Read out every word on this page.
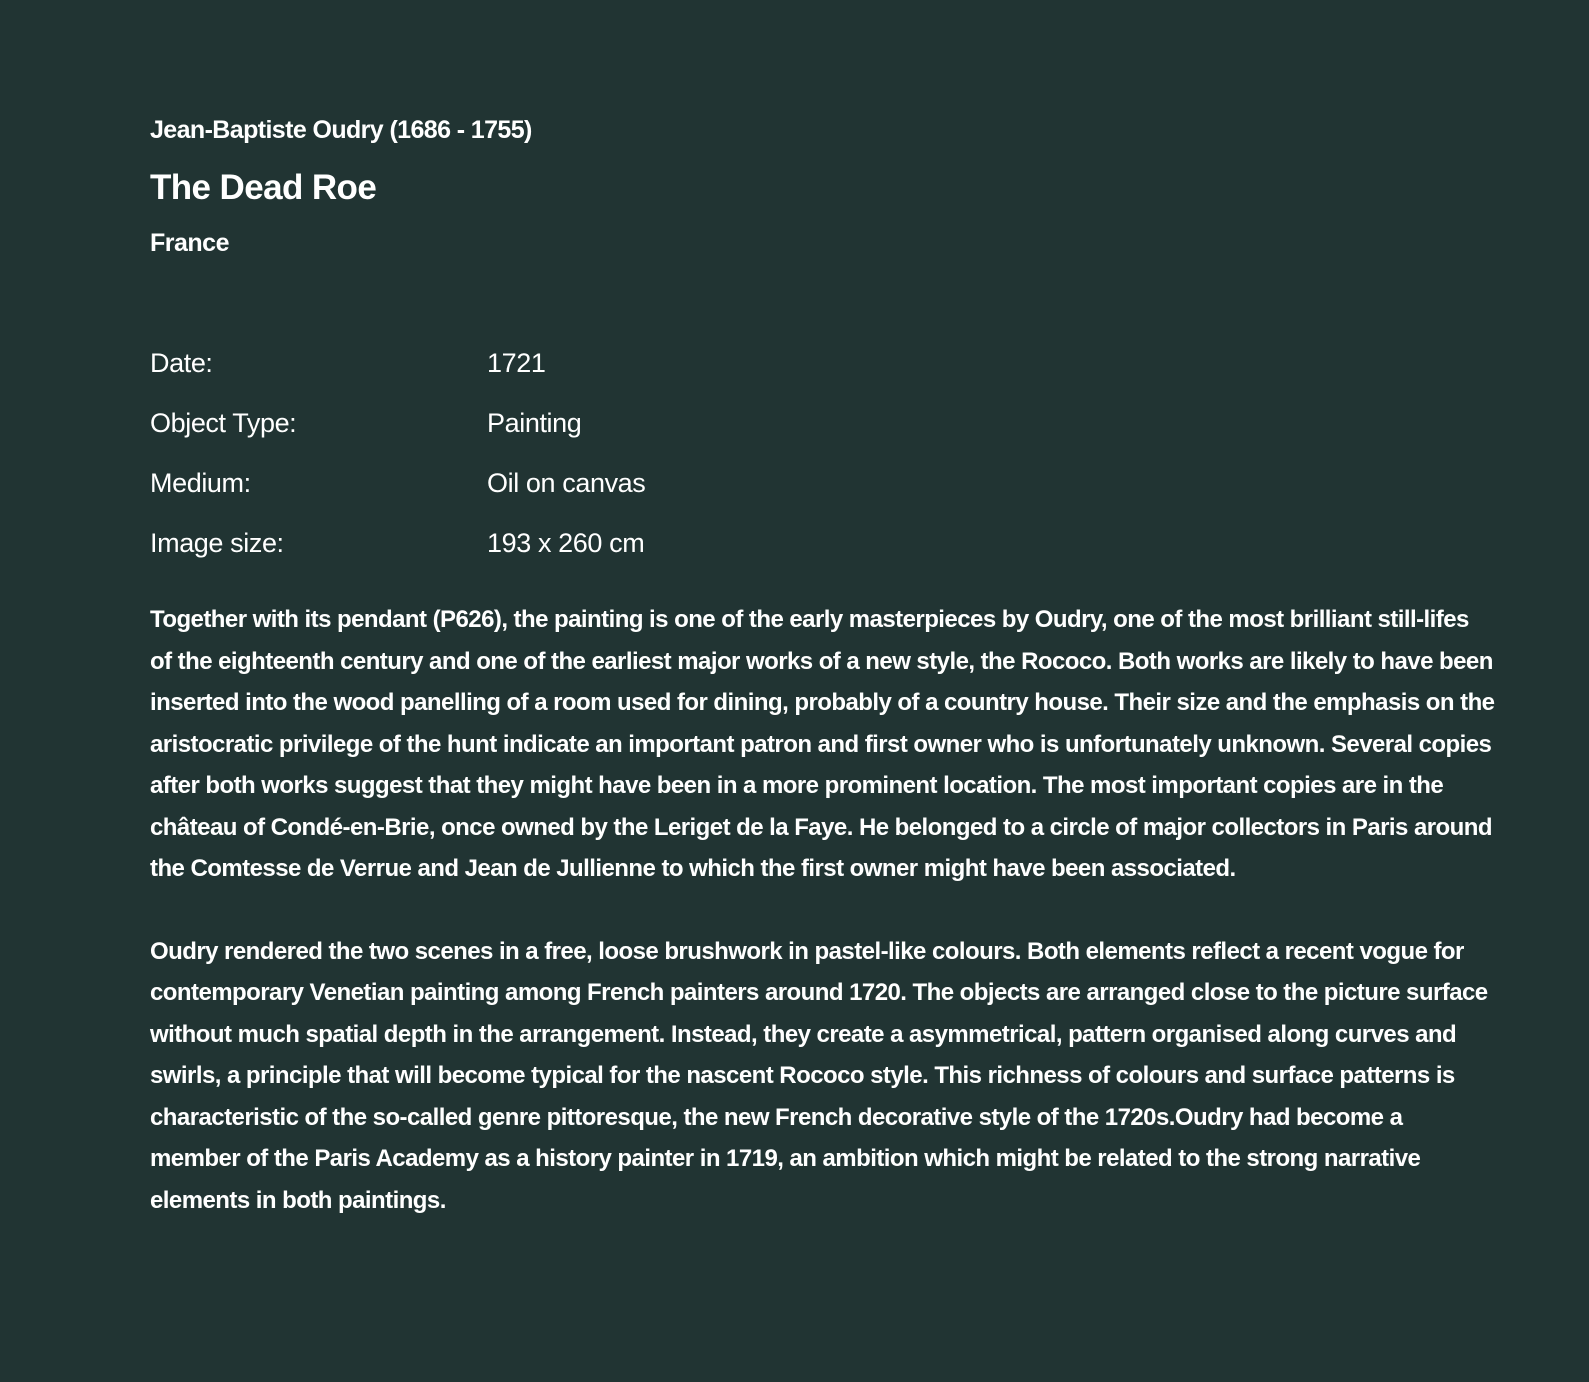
Jean-Baptiste Oudry (1686 - 1755)
The Dead Roe
France
Date:	1721
Object Type:	Painting
Medium:	Oil on canvas
Image size:	193 x 260 cm

Together with its pendant (P626), the painting is one of the early masterpieces by Oudry, one of the most brilliant still-lifes of the eighteenth century and one of the earliest major works of a new style, the Rococo. Both works are likely to have been inserted into the wood panelling of a room used for dining, probably of a country house. Their size and the emphasis on the aristocratic privilege of the hunt indicate an important patron and first owner who is unfortunately unknown. Several copies after both works suggest that they might have been in a more prominent location. The most important copies are in the château of Condé-en-Brie, once owned by the Leriget de la Faye. He belonged to a circle of major collectors in Paris around the Comtesse de Verrue and Jean de Jullienne to which the first owner might have been associated.

Oudry rendered the two scenes in a free, loose brushwork in pastel-like colours. Both elements reflect a recent vogue for contemporary Venetian painting among French painters around 1720. The objects are arranged close to the picture surface without much spatial depth in the arrangement. Instead, they create a asymmetrical, pattern organised along curves and swirls, a principle that will become typical for the nascent Rococo style. This richness of colours and surface patterns is characteristic of the so-called genre pittoresque, the new French decorative style of the 1720s.Oudry had become a member of the Paris Academy as a history painter in 1719, an ambition which might be related to the strong narrative elements in both paintings.
